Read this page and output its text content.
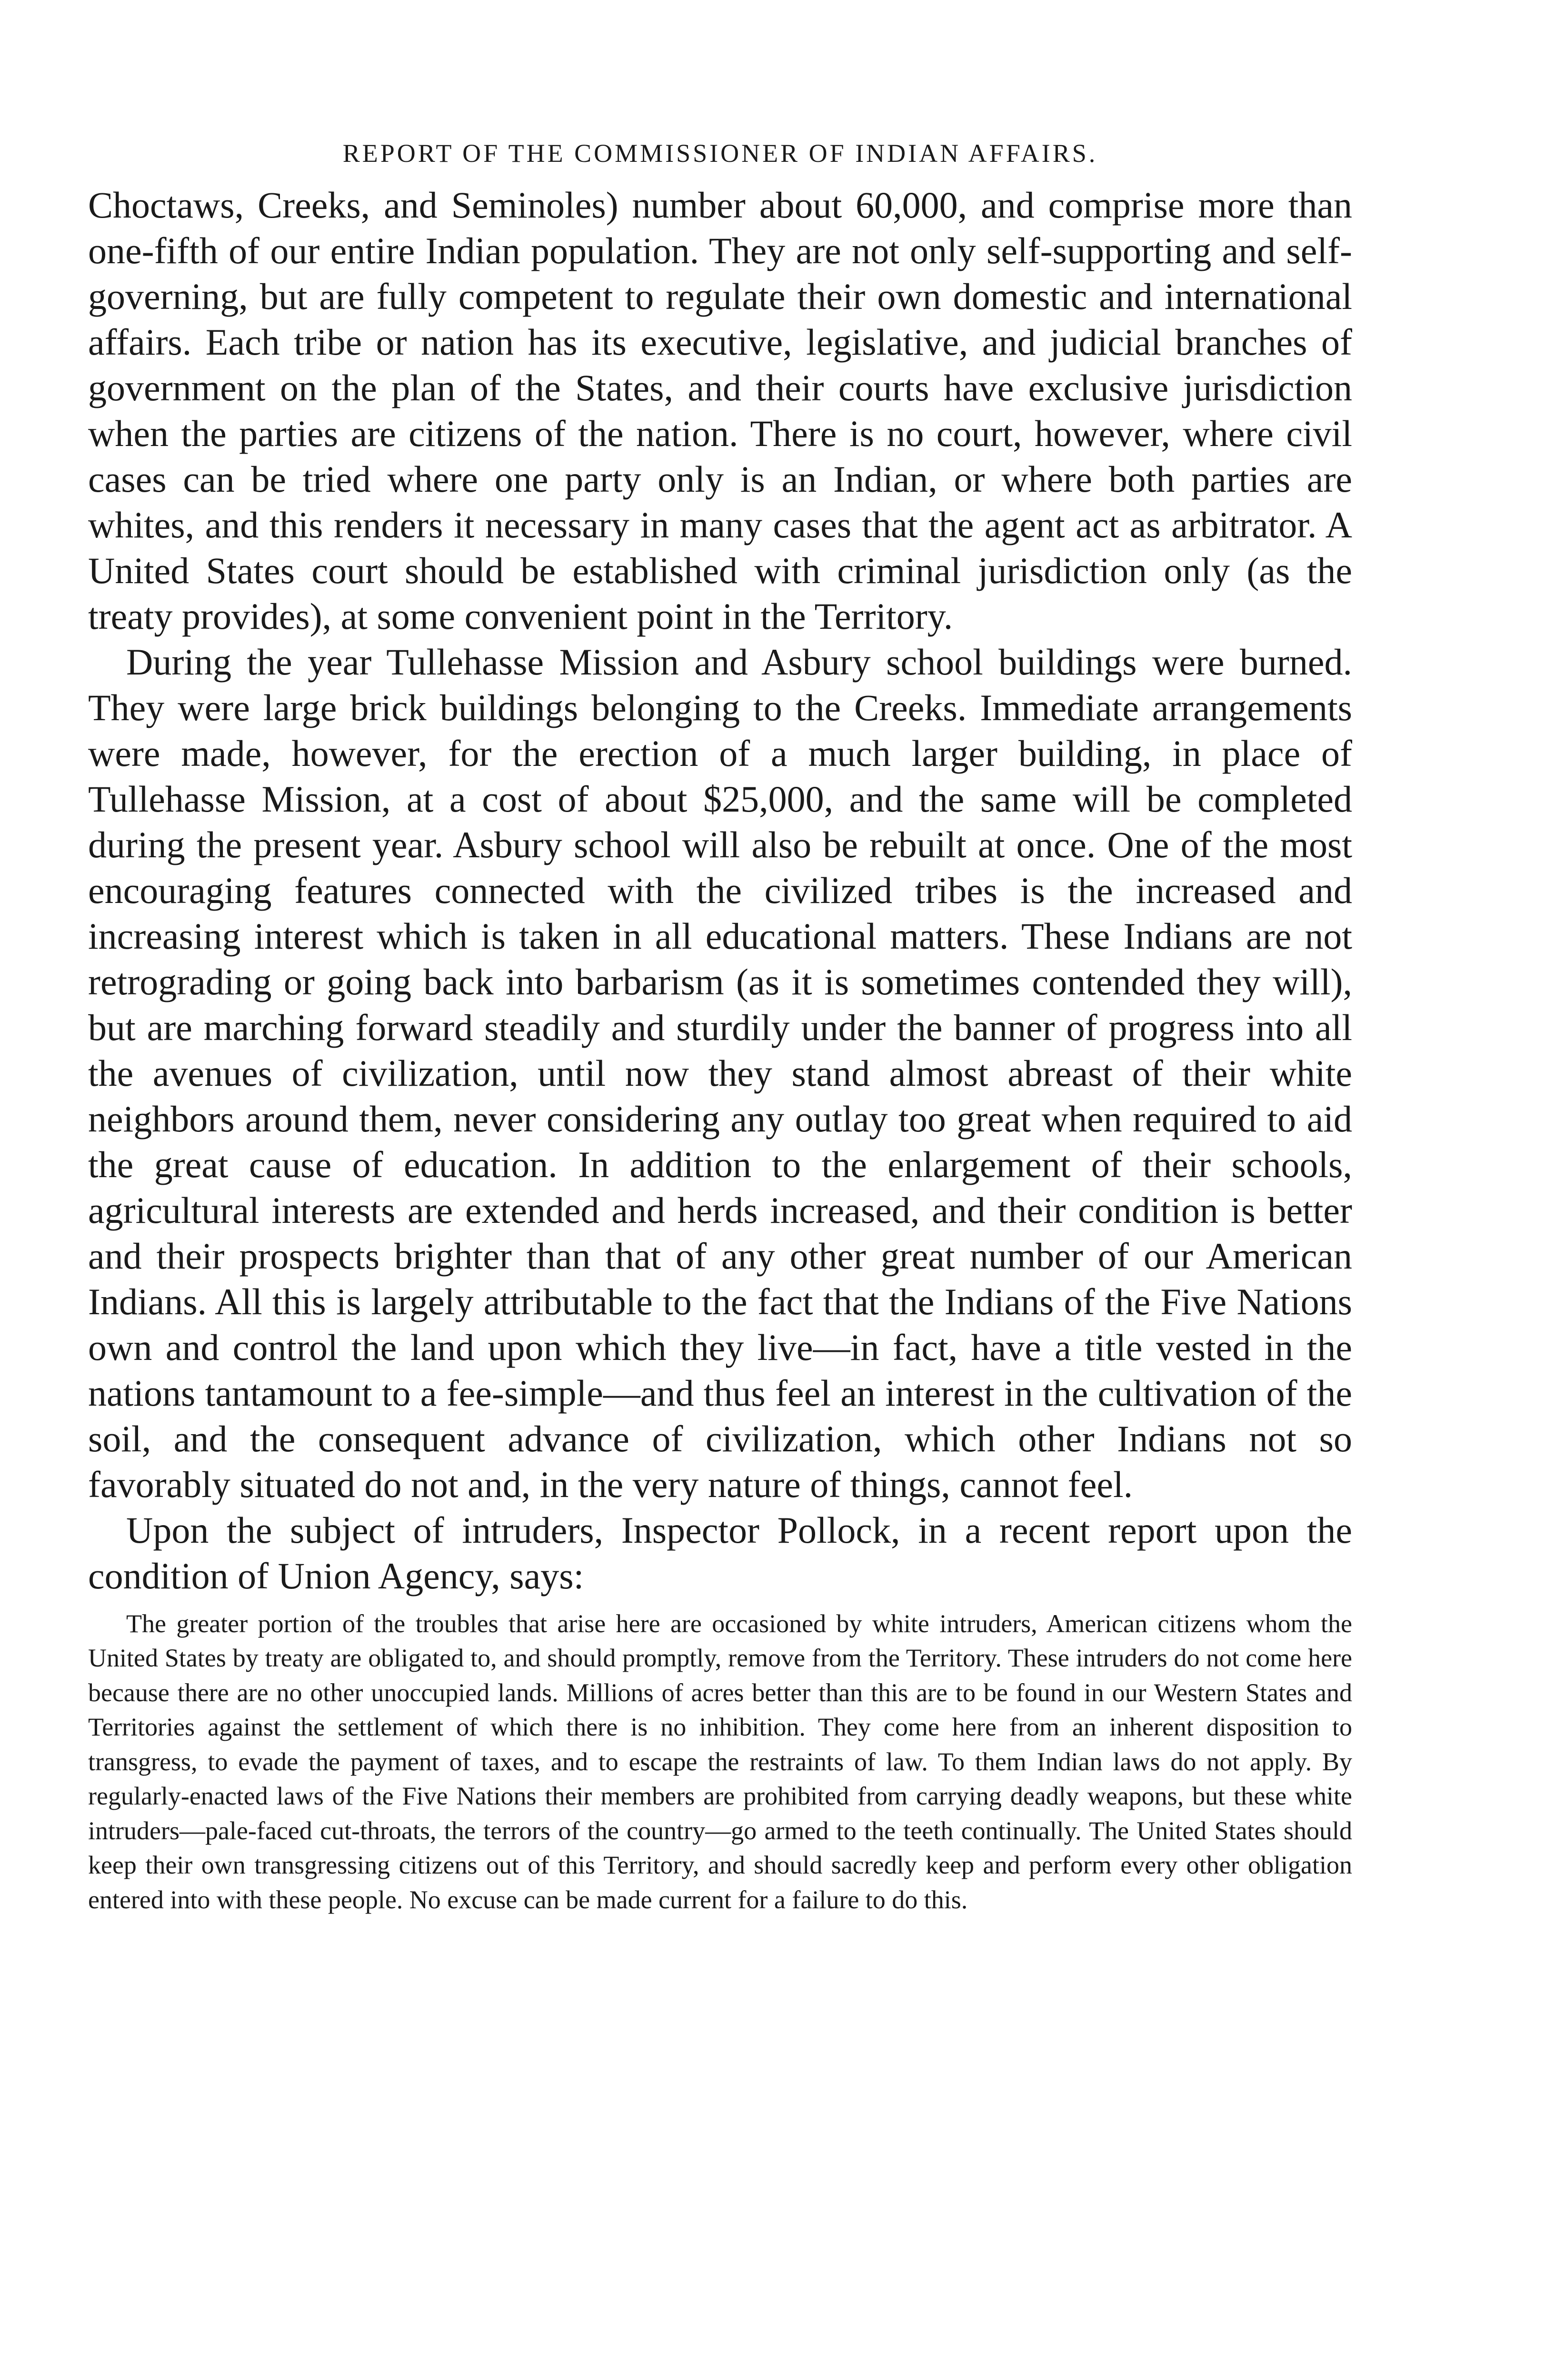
REPORT OF THE COMMISSIONER OF INDIAN AFFAIRS.

Choctaws, Creeks, and Seminoles) number about 60,000, and comprise more than one-fifth of our entire Indian population. They are not only self-supporting and self-governing, but are fully competent to regulate their own domestic and international affairs. Each tribe or nation has its executive, legislative, and judicial branches of government on the plan of the States, and their courts have exclusive jurisdiction when the parties are citizens of the nation. There is no court, however, where civil cases can be tried where one party only is an Indian, or where both parties are whites, and this renders it necessary in many cases that the agent act as arbitrator. A United States court should be established with criminal jurisdiction only (as the treaty provides), at some convenient point in the Territory.

During the year Tullehasse Mission and Asbury school buildings were burned. They were large brick buildings belonging to the Creeks. Immediate arrangements were made, however, for the erection of a much larger building, in place of Tullehasse Mission, at a cost of about $25,000, and the same will be completed during the present year. Asbury school will also be rebuilt at once. One of the most encouraging features connected with the civilized tribes is the increased and increasing interest which is taken in all educational matters. These Indians are not retrograding or going back into barbarism (as it is sometimes contended they will), but are marching forward steadily and sturdily under the banner of progress into all the avenues of civilization, until now they stand almost abreast of their white neighbors around them, never considering any outlay too great when required to aid the great cause of education. In addition to the enlargement of their schools, agricultural interests are extended and herds increased, and their condition is better and their prospects brighter than that of any other great number of our American Indians. All this is largely attributable to the fact that the Indians of the Five Nations own and control the land upon which they live—in fact, have a title vested in the nations tantamount to a fee-simple—and thus feel an interest in the cultivation of the soil, and the consequent advance of civilization, which other Indians not so favorably situated do not and, in the very nature of things, cannot feel.

Upon the subject of intruders, Inspector Pollock, in a recent report upon the condition of Union Agency, says:

The greater portion of the troubles that arise here are occasioned by white intruders, American citizens whom the United States by treaty are obligated to, and should promptly, remove from the Territory. These intruders do not come here because there are no other unoccupied lands. Millions of acres better than this are to be found in our Western States and Territories against the settlement of which there is no inhibition. They come here from an inherent disposition to transgress, to evade the payment of taxes, and to escape the restraints of law. To them Indian laws do not apply. By regularly-enacted laws of the Five Nations their members are prohibited from carrying deadly weapons, but these white intruders—pale-faced cut-throats, the terrors of the country—go armed to the teeth continually. The United States should keep their own transgressing citizens out of this Territory, and should sacredly keep and perform every other obligation entered into with these people. No excuse can be made current for a failure to do this.
